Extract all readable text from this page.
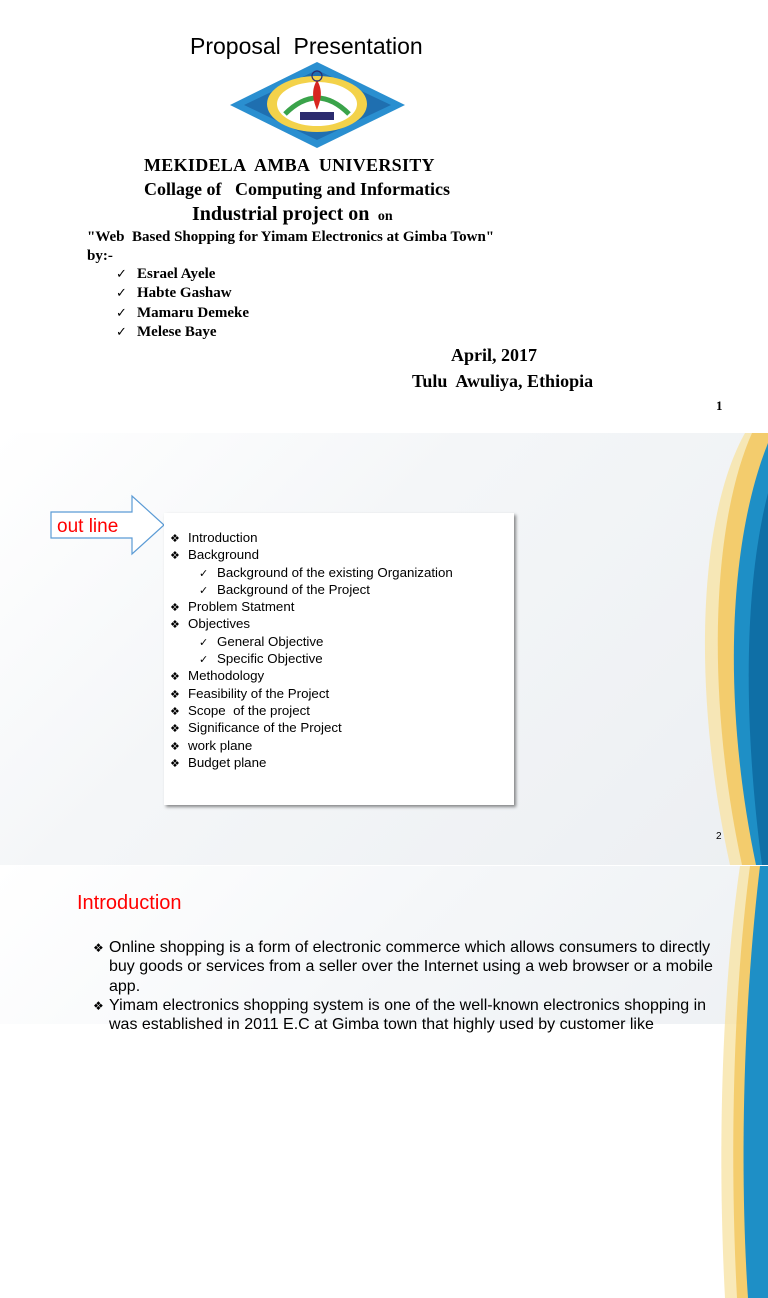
Proposal  Presentation
MEKIDELA  AMBA  UNIVERSITY
Collage of   Computing and Informatics
Industrial project on  on
"Web  Based Shopping for Yimam Electronics at Gimba Town"
by:-
✓ Esrael Ayele
✓ Habte Gashaw
✓ Mamaru Demeke
✓ Melese Baye
April, 2017
Tulu  Awuliya, Ethiopia
1
out line
❖ Introduction
❖ Background
✓ Background of the existing Organization
✓ Background of the Project
❖ Problem Statment
❖ Objectives
✓ General Objective
✓ Specific Objective
❖ Methodology
❖ Feasibility of the Project
❖ Scope  of the project
❖ Significance of the Project
❖ work plane
❖ Budget plane
2
Introduction
❖ Online shopping is a form of electronic commerce which allows consumers to directly buy goods or services from a seller over the Internet using a web browser or a mobile app.
❖ Yimam electronics shopping system is one of the well-known electronics shopping in was established in 2011 E.C at Gimba town that highly used by customer like
